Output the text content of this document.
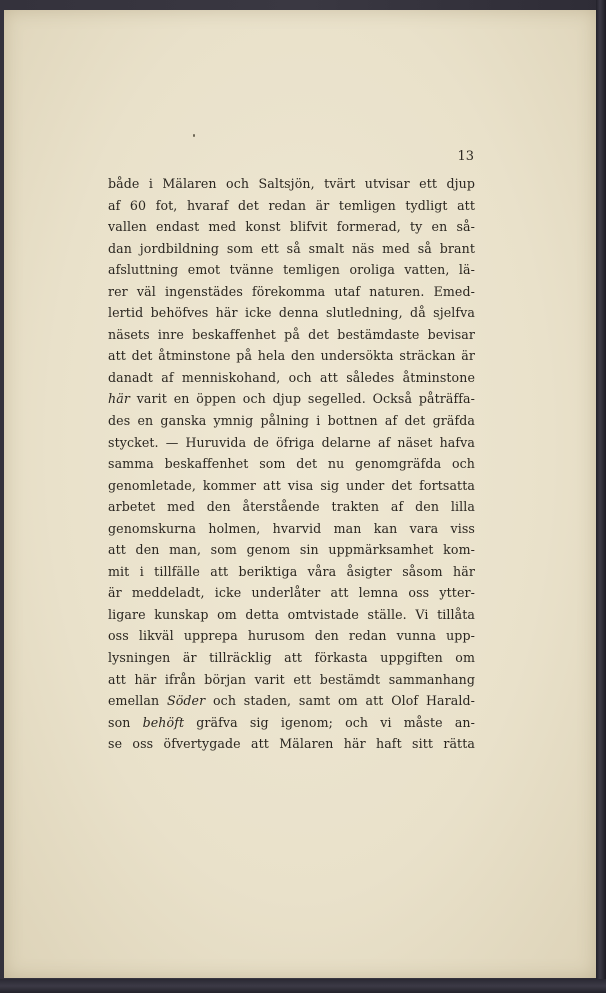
13
både i Mälaren och Saltsjön, tvärt utvisar ett djup
af 60 fot, hvaraf det redan är temligen tydligt att
vallen endast med konst blifvit formerad, ty en så-
dan jordbildning som ett så smalt näs med så brant
afsluttning emot tvänne temligen oroliga vatten, lä-
rer väl ingenstädes förekomma utaf naturen. Emed-
lertid behöfves här icke denna slutledning, då sjelfva
näsets inre beskaffenhet på det bestämdaste bevisar
att det åtminstone på hela den undersökta sträckan är
danadt af menniskohand, och att således åtminstone
här varit en öppen och djup segelled. Också påträffa-
des en ganska ymnig pålning i bottnen af det gräfda
stycket. — Huruvida de öfriga delarne af näset hafva
samma beskaffenhet som det nu genomgräfda och
genomletade, kommer att visa sig under det fortsatta
arbetet med den återstående trakten af den lilla
genomskurna holmen, hvarvid man kan vara viss
att den man, som genom sin uppmärksamhet kom-
mit i tillfälle att beriktiga våra åsigter såsom här
är meddeladt, icke underlåter att lemna oss ytter-
ligare kunskap om detta omtvistade ställe. Vi tillåta
oss likväl upprepa hurusom den redan vunna upp-
lysningen är tillräcklig att förkasta uppgiften om
att här ifrån början varit ett bestämdt sammanhang
emellan Söder och staden, samt om att Olof Harald-
son behöft gräfva sig igenom; och vi måste an-
se oss öfvertygade att Mälaren här haft sitt rätta
